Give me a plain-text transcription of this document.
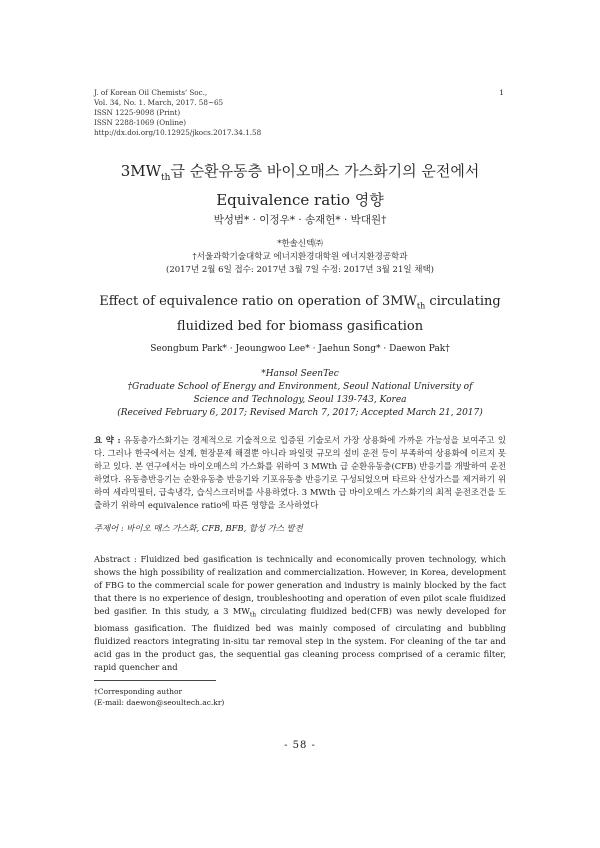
J. of Korean Oil Chemists' Soc.,
Vol. 34, No. 1. March, 2017. 58~65
ISSN 1225-9098 (Print)
ISSN 2288-1069 (Online)
http://dx.doi.org/10.12925/jkocs.2017.34.1.58
1
$3MW_{th}$급 순환유동층 바이오매스 가스화기의 운전에서
Equivalence ratio 영향
박성범* · 이정우* · 송재헌* · 박대원†
*한솔신텍㈜
†서울과학기술대학교 에너지환경대학원 에너지환경공학과
(2017년 2월 6일 접수: 2017년 3월 7일 수정: 2017년 3월 21일 채택)
Effect of equivalence ratio on operation of $3MW_{th}$ circulating
fluidized bed for biomass gasification
Seongbum Park* · Jeoungwoo Lee* · Jaehun Song* · Daewon Pak†
*Hansol SeenTec
†Graduate School of Energy and Environment, Seoul National University of
Science and Technology, Seoul 139-743, Korea
(Received February 6, 2017; Revised March 7, 2017; Accepted March 21, 2017)
요 약 : 유동층가스화기는 경제적으로 기술적으로 입증된 기술로서 가장 상용화에 가까운 가능성을 보여주고 있다. 그러나 한국에서는 설계, 현장문제 해결뿐 아니라 파일럿 규모의 설비 운전 등이 부족하여 상용화에 이르지 못하고 있다. 본 연구에서는 바이오매스의 가스화를 위하여 3 MWth 급 순환유동층(CFB) 반응기를 개발하여 운전하였다. 유동층반응기는 순환유동층 반응기와 기포유동층 반응기로 구성되었으며 타르와 산성가스를 제거하기 위하여 세라믹필터, 급속냉각, 습식스크러버를 사용하였다. 3 MWth 급 바이오매스 가스화기의 최적 운전조건을 도출하기 위하여 equivalence ratio에 따른 영향을 조사하였다
주제어 : 바이오 매스 가스화, CFB, BFB, 합성 가스 발전
Abstract : Fluidized bed gasification is technically and economically proven technology, which shows the high possibility of realization and commercialization. However, in Korea, development of FBG to the commercial scale for power generation and industry is mainly blocked by the fact that there is no experience of design, troubleshooting and operation of even pilot scale fluidized bed gasifier. In this study, a 3 $MW_{th}$ circulating fluidized bed(CFB) was newly developed for biomass gasification. The fluidized bed was mainly composed of circulating and bubbling fluidized reactors integrating in-situ tar removal step in the system. For cleaning of the tar and acid gas in the product gas, the sequential gas cleaning process comprised of a ceramic filter, rapid quencher and
†Corresponding author
(E-mail: daewon@seoultech.ac.kr)
- 58 -
